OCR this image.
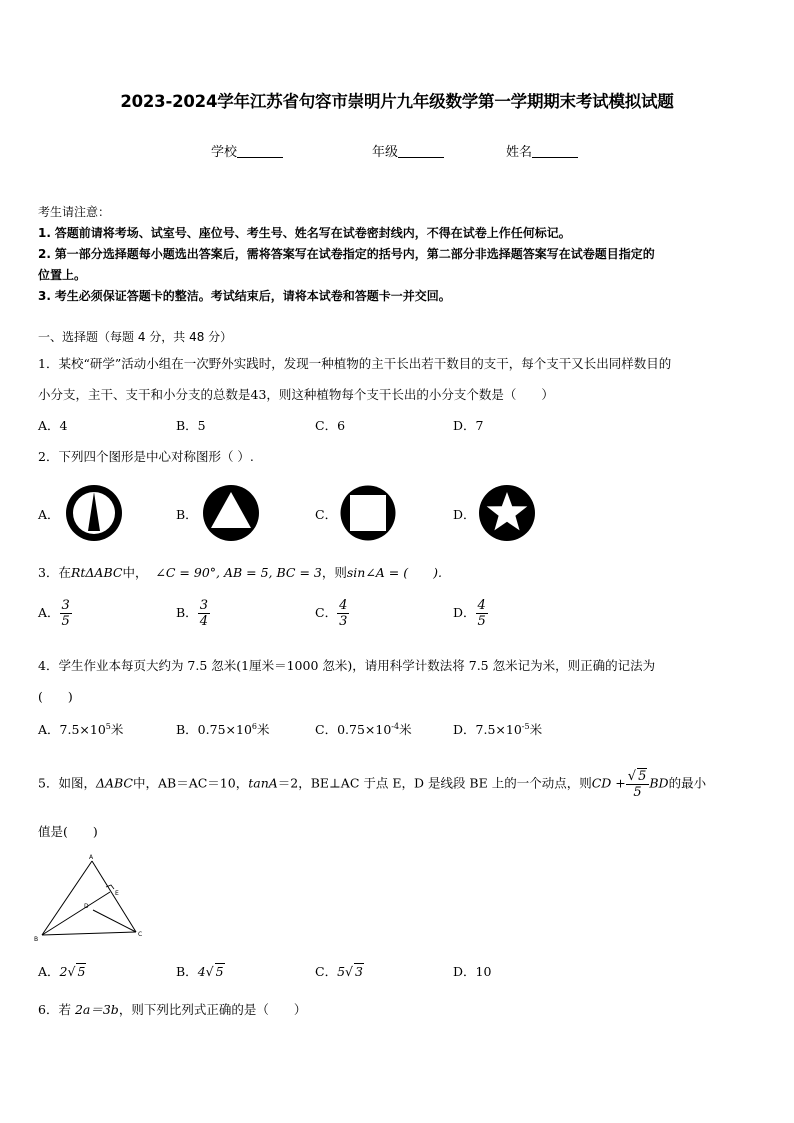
2023-2024学年江苏省句容市崇明片九年级数学第一学期期末考试模拟试题
学校	年级	姓名
考生请注意：
1. 答题前请将考场、试室号、座位号、考生号、姓名写在试卷密封线内，不得在试卷上作任何标记。
2. 第一部分选择题每小题选出答案后，需将答案写在试卷指定的括号内，第二部分非选择题答案写在试卷题目指定的
位置上。
3. 考生必须保证答题卡的整洁。考试结束后，请将本试卷和答题卡一并交回。
一、选择题（每题 4 分，共 48 分）
1．某校“研学”活动小组在一次野外实践时，发现一种植物的主干长出若干数目的支干，每个支干又长出同样数目的
小分支，主干、支干和小分支的总数是43，则这种植物每个支干长出的小分支个数是（　　）
A．4	B．5	C．6	D．7
2．下列四个图形是中心对称图形（ ）.
A．	B．	C．	D．
3．在RtΔABC中， ∠C = 90°, AB = 5, BC = 3，则sin∠A = (　　).
A． $\frac{3}{5}$	B． $\frac{3}{4}$	C． $\frac{4}{3}$	D． $\frac{4}{5}$
4．学生作业本每页大约为 7.5 忽米(1厘米＝1000 忽米)，请用科学计数法将 7.5 忽米记为米，则正确的记法为
(　　)
A．$7.5\times 10^5$米	B．$0.75\times 10^6$米	C．$0.75\times 10^{-4}$米	D．$7.5\times 10^{-5}$米
5．如图，ΔABC中，AB＝AC＝10，tanA＝2，BE⊥AC 于点 E，D 是线段 BE 上的一个动点，则CD + $\frac{√ 5}{5}$ BD的最小
值是(　　)
A
B
C
D
E
A．2√ 5	B．4√ 5	C．5√ 3	D．10
6．若 2a＝3b，则下列比列式正确的是（　　）
